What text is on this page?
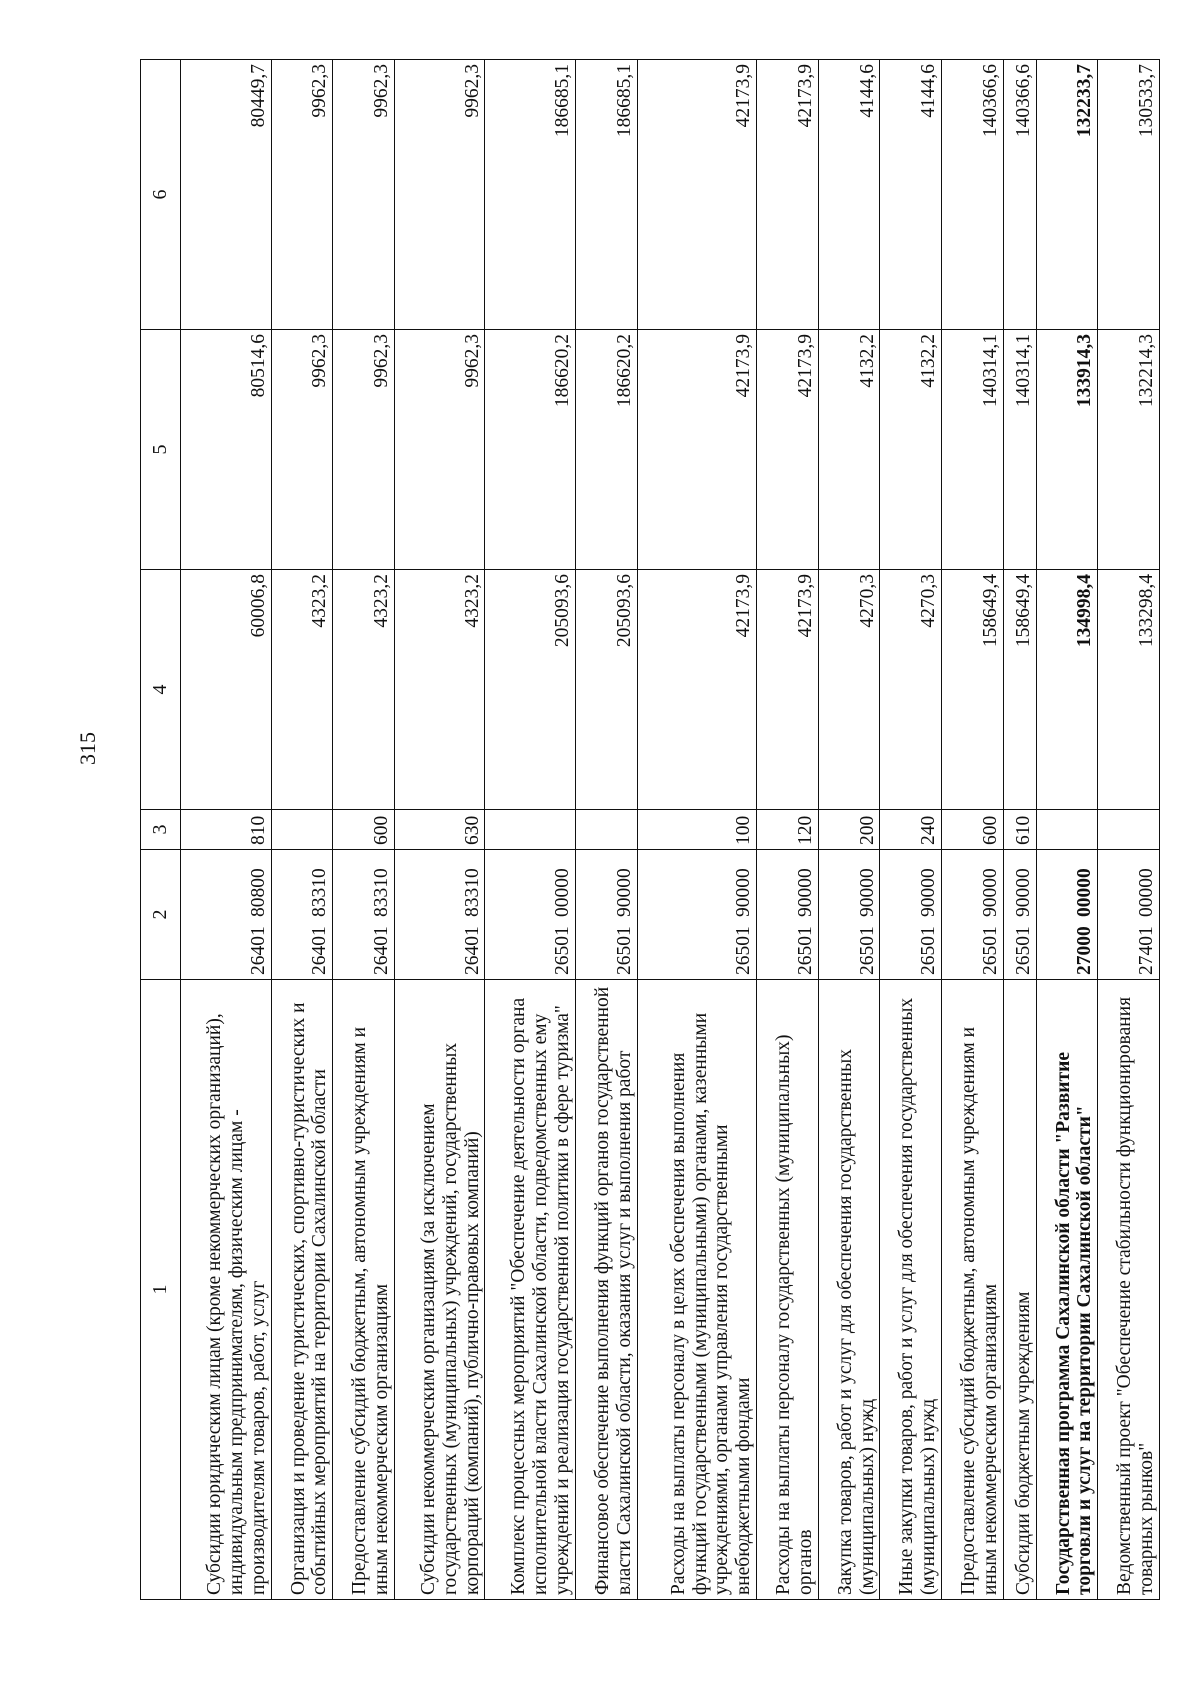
315
1	2	3	4	5	6
Субсидии юридическим лицам (кроме некоммерческих организаций), индивидуальным предпринимателям, физическим лицам - производителям товаров, работ, услуг	2640180800	810	60006,8	80514,6	80449,7
Организация и проведение туристических, спортивно-туристических и событийных мероприятий на территории Сахалинской области	2640183310		4323,2	9962,3	9962,3
Предоставление субсидий бюджетным, автономным учреждениям и иным некоммерческим организациям	2640183310	600	4323,2	9962,3	9962,3
Субсидии некоммерческим организациям (за исключением государственных (муниципальных) учреждений, государственных корпораций (компаний), публично-правовых компаний)	2640183310	630	4323,2	9962,3	9962,3
Комплекс процессных мероприятий "Обеспечение деятельности органа исполнительной власти Сахалинской области, подведомственных ему учреждений и реализация государственной политики в сфере туризма"	2650100000		205093,6	186620,2	186685,1
Финансовое обеспечение выполнения функций органов государственной власти Сахалинской области, оказания услуг и выполнения работ	2650190000		205093,6	186620,2	186685,1
Расходы на выплаты персоналу в целях обеспечения выполнения функций государственными (муниципальными) органами, казенными учреждениями, органами управления государственными внебюджетными фондами	2650190000	100	42173,9	42173,9	42173,9
Расходы на выплаты персоналу государственных (муниципальных) органов	2650190000	120	42173,9	42173,9	42173,9
Закупка товаров, работ и услуг для обеспечения государственных (муниципальных) нужд	2650190000	200	4270,3	4132,2	4144,6
Иные закупки товаров, работ и услуг для обеспечения государственных (муниципальных) нужд	2650190000	240	4270,3	4132,2	4144,6
Предоставление субсидий бюджетным, автономным учреждениям и иным некоммерческим организациям	2650190000	600	158649,4	140314,1	140366,6
Субсидии бюджетным учреждениям	2650190000	610	158649,4	140314,1	140366,6
Государственная программа Сахалинской области "Развитие торговли и услуг на территории Сахалинской области"	2700000000		134998,4	133914,3	132233,7
Ведомственный проект "Обеспечение стабильности функционирования товарных рынков"	2740100000		133298,4	132214,3	130533,7
